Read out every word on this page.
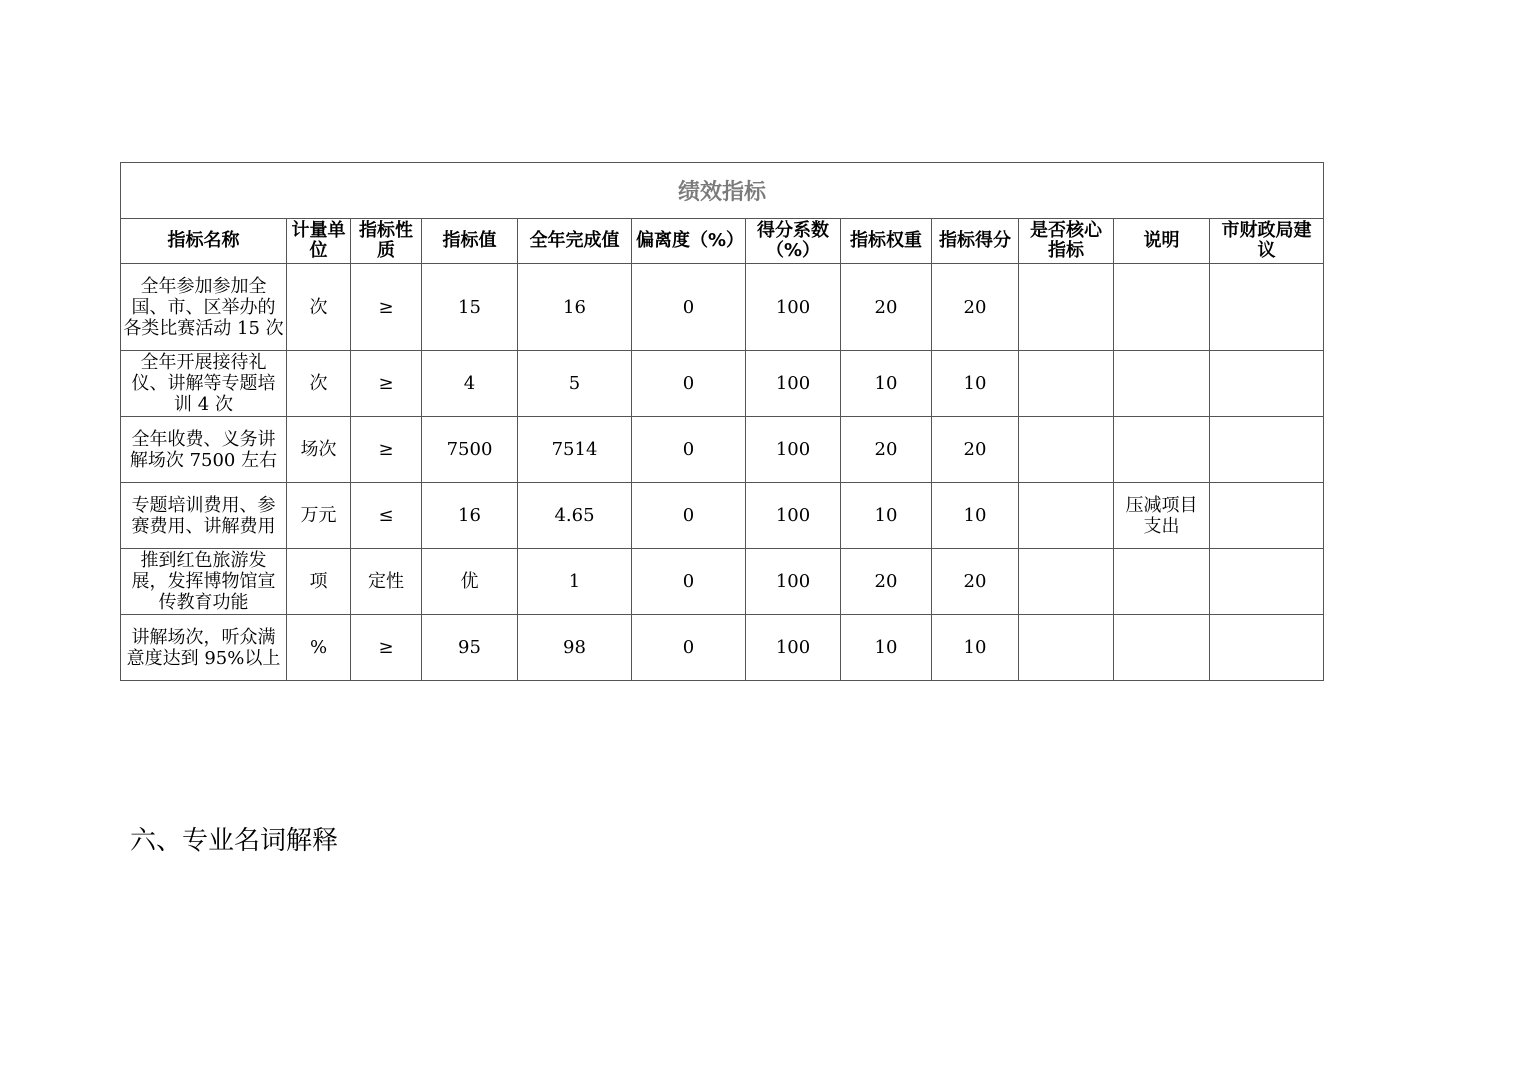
绩效指标											
指标名称	计量单位	指标性质	指标值	全年完成值	偏离度（%）	得分系数（%）	指标权重	指标得分	是否核心指标	说明	市财政局建议
全年参加参加全国、市、区举办的各类比赛活动 15 次	次	≥	15	16	0	100	20	20			
全年开展接待礼仪、讲解等专题培训 4 次	次	≥	4	5	0	100	10	10			
全年收费、义务讲解场次 7500 左右	场次	≥	7500	7514	0	100	20	20			
专题培训费用、参赛费用、讲解费用	万元	≤	16	4.65	0	100	10	10		压减项目支出	
推到红色旅游发展，发挥博物馆宣传教育功能	项	定性	优	1	0	100	20	20			
讲解场次，听众满意度达到 95%以上	%	≥	95	98	0	100	10	10			
六、专业名词解释
